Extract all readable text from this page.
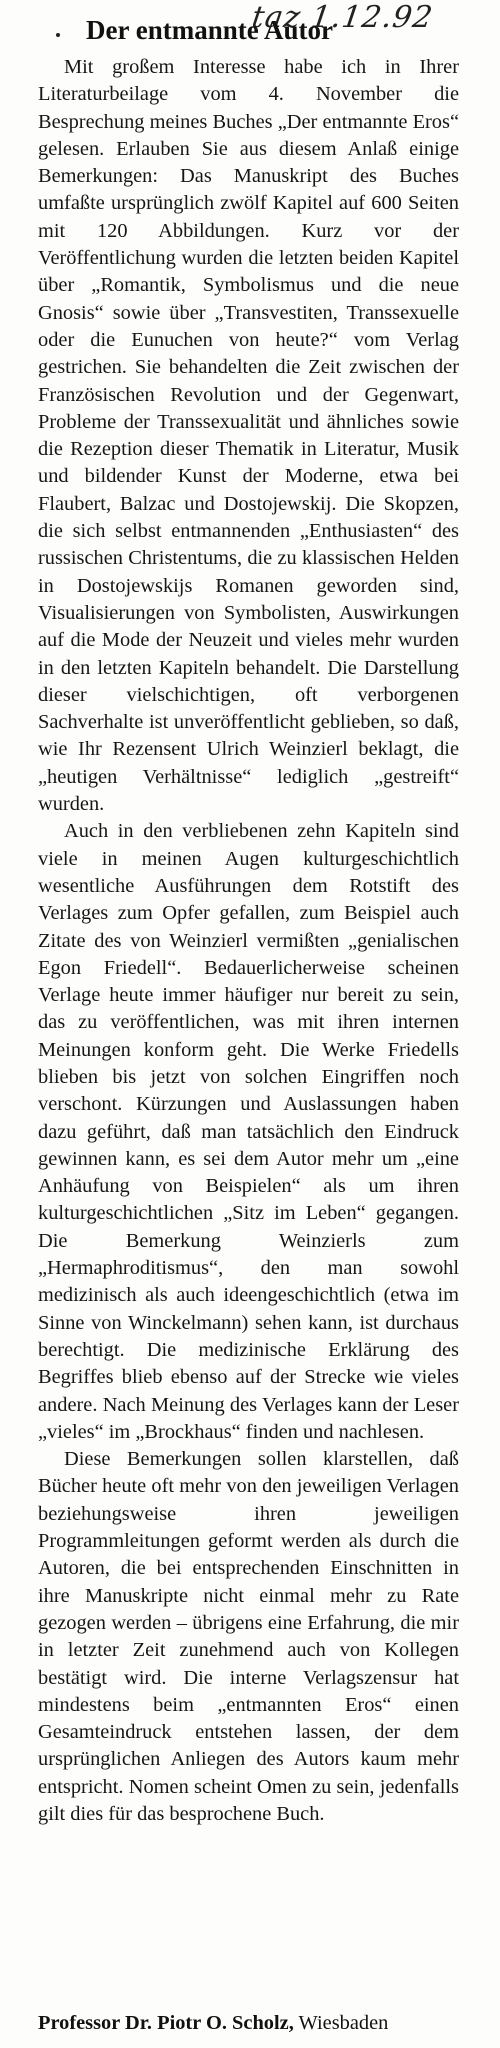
taz 1.12.92
Der entmannte Autor

Mit großem Interesse habe ich in Ihrer Literaturbeilage vom 4. November die Besprechung meines Buches „Der entmannte Eros“ gelesen. Erlauben Sie aus diesem Anlaß einige Bemerkungen: Das Manuskript des Buches umfaßte ursprünglich zwölf Kapitel auf 600 Seiten mit 120 Abbildungen. Kurz vor der Veröffentlichung wurden die letzten beiden Kapitel über „Romantik, Symbolismus und die neue Gnosis“ sowie über „Transvestiten, Transsexuelle oder die Eunuchen von heute?“ vom Verlag gestrichen. Sie behandelten die Zeit zwischen der Französischen Revolution und der Gegenwart, Probleme der Transsexualität und ähnliches sowie die Rezeption dieser Thematik in Literatur, Musik und bildender Kunst der Moderne, etwa bei Flaubert, Balzac und Dostojewskij. Die Skopzen, die sich selbst entmannenden „Enthusiasten“ des russischen Christentums, die zu klassischen Helden in Dostojewskijs Romanen geworden sind, Visualisierungen von Symbolisten, Auswirkungen auf die Mode der Neuzeit und vieles mehr wurden in den letzten Kapiteln behandelt. Die Darstellung dieser vielschichtigen, oft verborgenen Sachverhalte ist unveröffentlicht geblieben, so daß, wie Ihr Rezensent Ulrich Weinzierl beklagt, die „heutigen Verhältnisse“ lediglich „gestreift“ wurden.

Auch in den verbliebenen zehn Kapiteln sind viele in meinen Augen kulturgeschichtlich wesentliche Ausführungen dem Rotstift des Verlages zum Opfer gefallen, zum Beispiel auch Zitate des von Weinzierl vermißten „genialischen Egon Friedell“. Bedauerlicherweise scheinen Verlage heute immer häufiger nur bereit zu sein, das zu veröffentlichen, was mit ihren internen Meinungen konform geht. Die Werke Friedells blieben bis jetzt von solchen Eingriffen noch verschont. Kürzungen und Auslassungen haben dazu geführt, daß man tatsächlich den Eindruck gewinnen kann, es sei dem Autor mehr um „eine Anhäufung von Beispielen“ als um ihren kulturgeschichtlichen „Sitz im Leben“ gegangen. Die Bemerkung Weinzierls zum „Hermaphroditismus“, den man sowohl medizinisch als auch ideengeschichtlich (etwa im Sinne von Winckelmann) sehen kann, ist durchaus berechtigt. Die medizinische Erklärung des Begriffes blieb ebenso auf der Strecke wie vieles andere. Nach Meinung des Verlages kann der Leser „vieles“ im „Brockhaus“ finden und nachlesen.

Diese Bemerkungen sollen klarstellen, daß Bücher heute oft mehr von den jeweiligen Verlagen beziehungsweise ihren jeweiligen Programmleitungen geformt werden als durch die Autoren, die bei entsprechenden Einschnitten in ihre Manuskripte nicht einmal mehr zu Rate gezogen werden – übrigens eine Erfahrung, die mir in letzter Zeit zunehmend auch von Kollegen bestätigt wird. Die interne Verlagszensur hat mindestens beim „entmannten Eros“ einen Gesamteindruck entstehen lassen, der dem ursprünglichen Anliegen des Autors kaum mehr entspricht. Nomen scheint Omen zu sein, jedenfalls gilt dies für das besprochene Buch.

Professor Dr. Piotr O. Scholz, Wiesbaden
